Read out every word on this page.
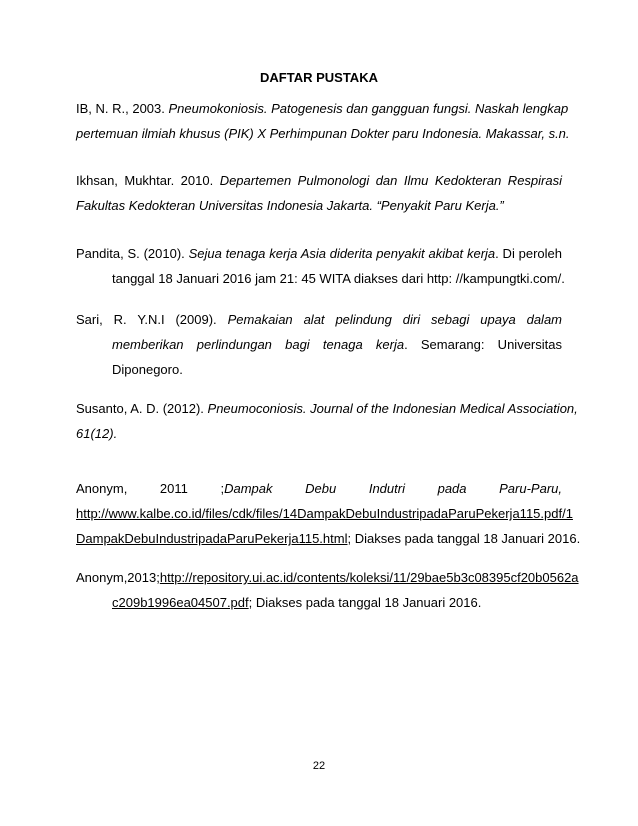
DAFTAR PUSTAKA
IB, N. R., 2003. Pneumokoniosis. Patogenesis dan gangguan fungsi. Naskah lengkap
pertemuan ilmiah khusus (PIK) X Perhimpunan Dokter paru Indonesia. Makassar, s.n.
Ikhsan, Mukhtar. 2010. Departemen Pulmonologi dan Ilmu Kedokteran Respirasi
Fakultas Kedokteran Universitas Indonesia Jakarta. “Penyakit Paru Kerja.”
Pandita, S. (2010). Sejua tenaga kerja Asia diderita penyakit akibat kerja. Di peroleh
tanggal 18 Januari 2016 jam 21: 45 WITA diakses dari http: //kampungtki.com/.
Sari, R. Y.N.I (2009). Pemakaian alat pelindung diri sebagi upaya dalam
memberikan perlindungan bagi tenaga kerja. Semarang: Universitas
Diponegoro.
Susanto, A. D. (2012). Pneumoconiosis. Journal of the Indonesian Medical Association,
61(12).
Anonym, 2011 ;Dampak Debu Indutri pada Paru-Paru,
http://www.kalbe.co.id/files/cdk/files/14DampakDebuIndustripadaParuPekerja115.pdf/1
DampakDebuIndustripadaParuPekerja115.html; Diakses pada tanggal 18 Januari 2016.
Anonym,2013;http://repository.ui.ac.id/contents/koleksi/11/29bae5b3c08395cf20b0562a
c209b1996ea04507.pdf; Diakses pada tanggal 18 Januari 2016.
22
